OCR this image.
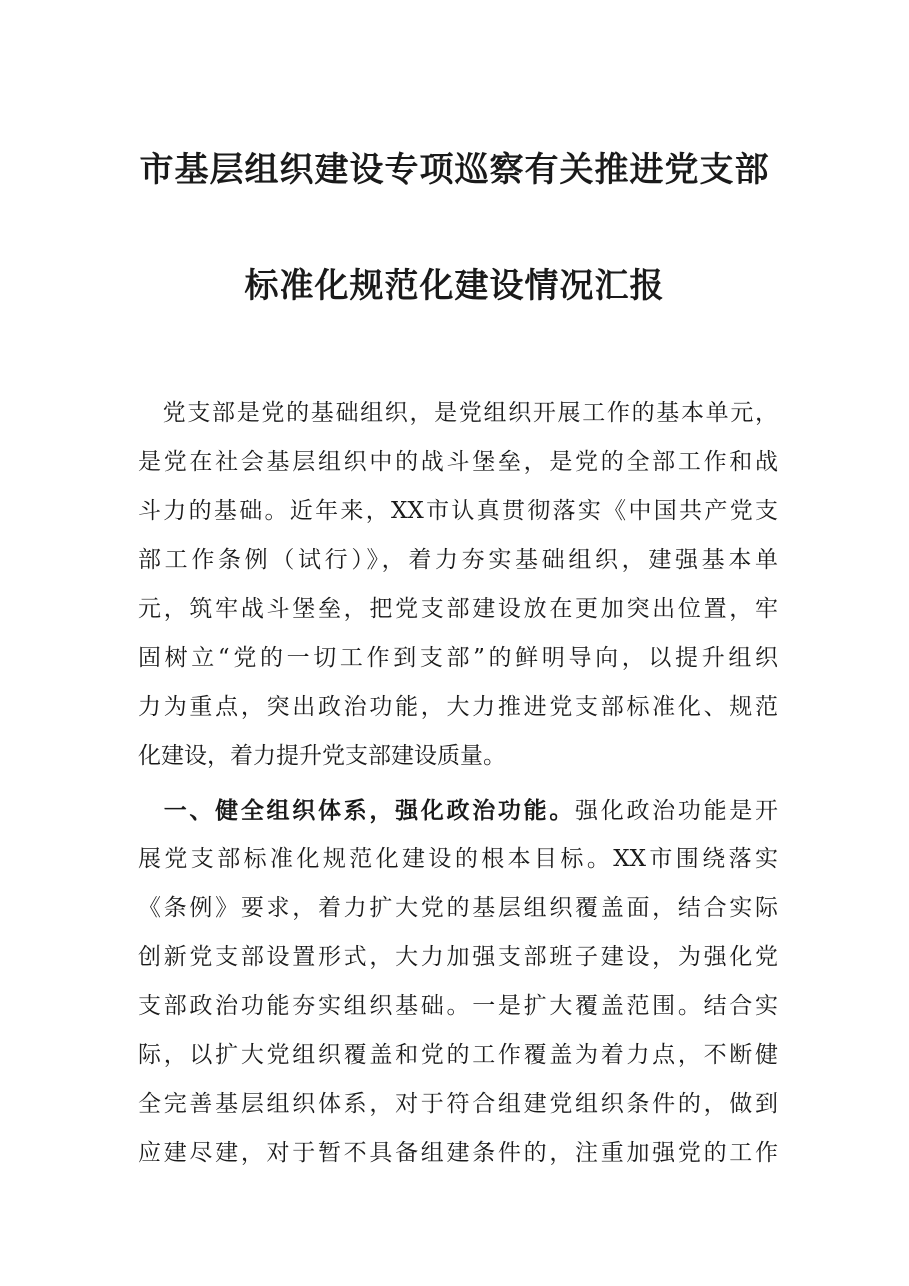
市基层组织建设专项巡察有关推进党支部
标准化规范化建设情况汇报
　党支部是党的基础组织，是党组织开展工作的基本单元，
是党在社会基层组织中的战斗堡垒，是党的全部工作和战
斗力的基础。近年来，XX市认真贯彻落实《中国共产党支
部工作条例（试行）》，着力夯实基础组织，建强基本单
元，筑牢战斗堡垒，把党支部建设放在更加突出位置，牢
固树立“党的一切工作到支部”的鲜明导向，以提升组织
力为重点，突出政治功能，大力推进党支部标准化、规范
化建设，着力提升党支部建设质量。
　一、健全组织体系，强化政治功能。强化政治功能是开
展党支部标准化规范化建设的根本目标。XX市围绕落实
《条例》要求，着力扩大党的基层组织覆盖面，结合实际
创新党支部设置形式，大力加强支部班子建设，为强化党
支部政治功能夯实组织基础。一是扩大覆盖范围。结合实
际，以扩大党组织覆盖和党的工作覆盖为着力点，不断健
全完善基层组织体系，对于符合组建党组织条件的，做到
应建尽建，对于暂不具备组建条件的，注重加强党的工作
